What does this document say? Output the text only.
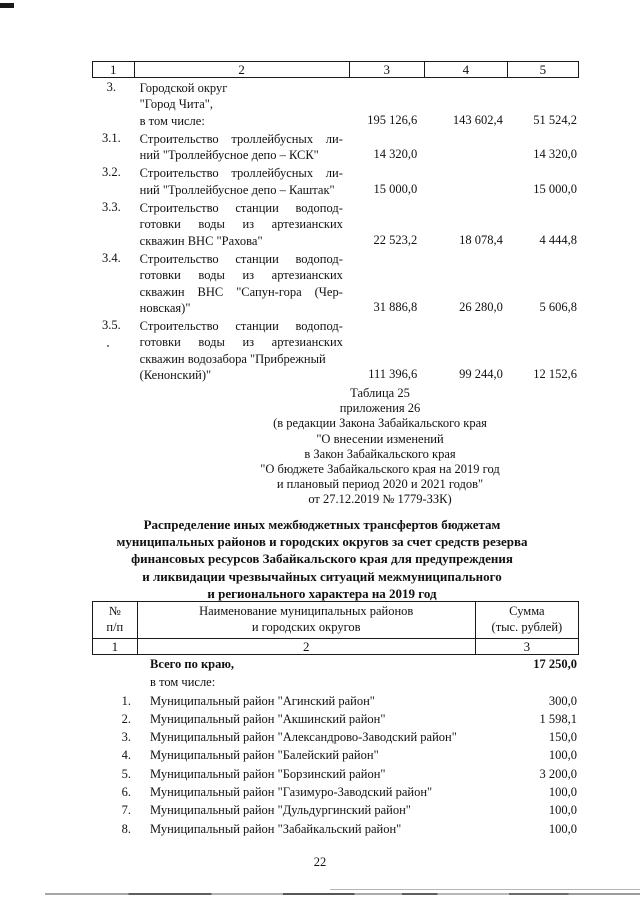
1	2	3	4	5
3.	Городской округ
"Город Чита",
в том числе:	195 126,6	143 602,4	51 524,2

3.1.	Строительство троллейбусных ли-
ний "Троллейбусное депо – КСК"	14 320,0		14 320,0

3.2.	Строительство троллейбусных ли-
ний "Троллейбусное депо – Каштак"	15 000,0		15 000,0

3.3.	Строительство станции водопод-
готовки воды из артезианских
скважин ВНС "Рахова"	22 523,2	18 078,4	4 444,8

3.4.	Строительство станции водопод-
готовки воды из артезианских
скважин ВНС "Сапун-гора (Чер-
новская)"	31 886,8	26 280,0	5 606,8

3.5.	Строительство станции водопод-
готовки воды из артезианских
скважин водозабора "Прибрежный
(Кенонский)"	111 396,6	99 244,0	12 152,6
Таблица 25
приложения 26
(в редакции Закона Забайкальского края
"О внесении изменений
в Закон Забайкальского края
"О бюджете Забайкальского края на 2019 год
и плановый период 2020 и 2021 годов"
от 27.12.2019 № 1779-ЗЗК)
Распределение иных межбюджетных трансфертов бюджетам
муниципальных районов и городских округов за счет средств резерва
финансовых ресурсов Забайкальского края для предупреждения
и ликвидации чрезвычайных ситуаций межмуниципального
и регионального характера на 2019 год
№
п/п

Наименование муниципальных районов
и городских округов

Сумма
(тыс. рублей)

1	2	3
	Всего по краю,	17 250,0
	в том числе:	
1.	Муниципальный район "Агинский район"	300,0
2.	Муниципальный район "Акшинский район"	1 598,1
3.	Муниципальный район "Александрово-Заводский район"	150,0
4.	Муниципальный район "Балейский район"	100,0
5.	Муниципальный район "Борзинский район"	3 200,0
6.	Муниципальный район "Газимуро-Заводский район"	100,0
7.	Муниципальный район "Дульдургинский район"	100,0
8.	Муниципальный район "Забайкальский район"	100,0
22
